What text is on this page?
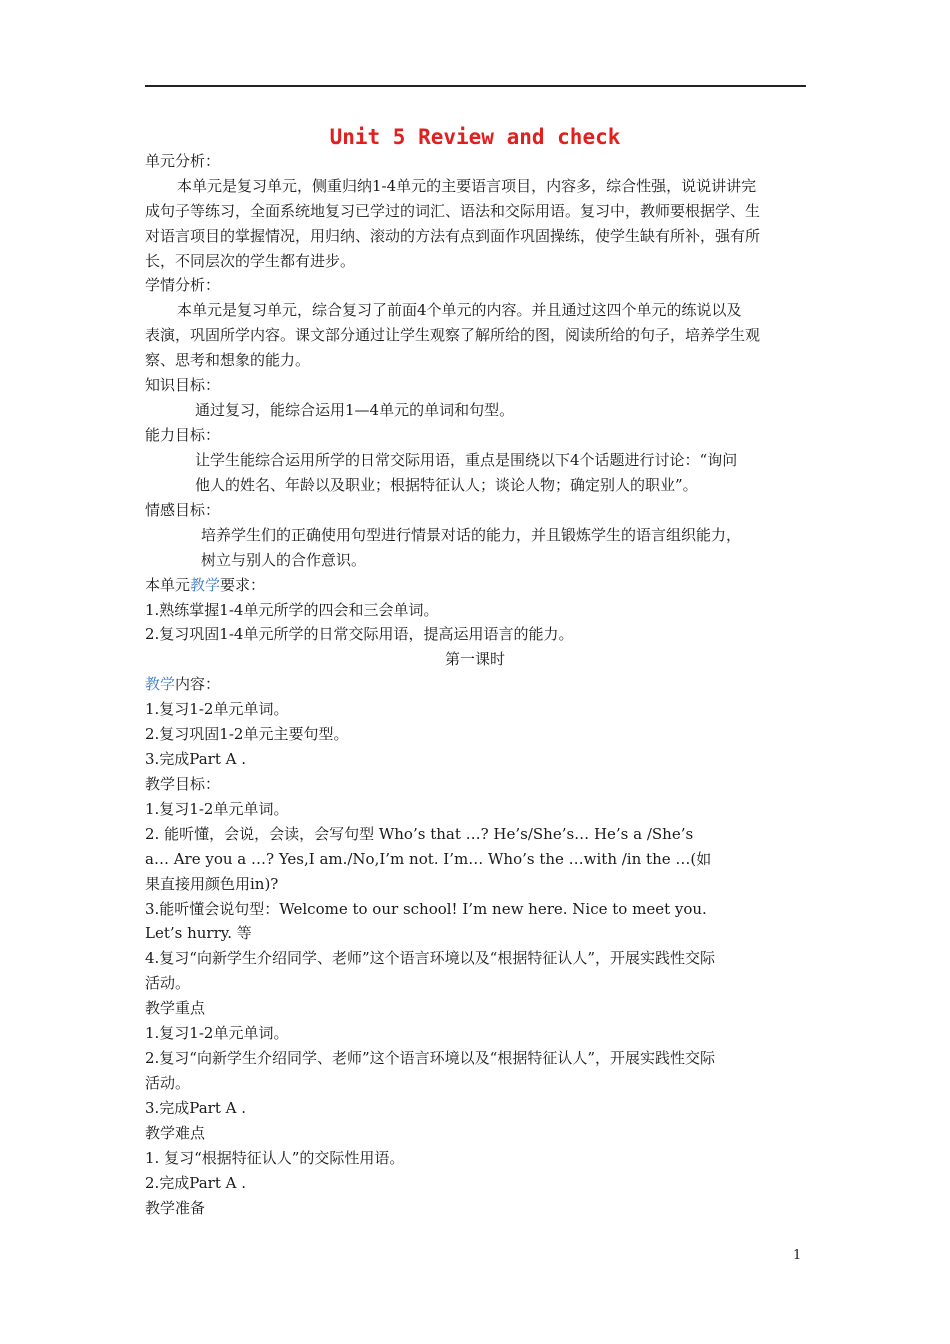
Unit 5 Review and check
单元分析：
本单元是复习单元，侧重归纳1-4单元的主要语言项目，内容多，综合性强，说说讲讲完
成句子等练习，全面系统地复习已学过的词汇、语法和交际用语。复习中，教师要根据学、生
对语言项目的掌握情况，用归纳、滚动的方法有点到面作巩固操练，使学生缺有所补，强有所
长，不同层次的学生都有进步。
学情分析：
本单元是复习单元，综合复习了前面4个单元的内容。并且通过这四个单元的练说以及
表演，巩固所学内容。课文部分通过让学生观察了解所给的图，阅读所给的句子，培养学生观
察、思考和想象的能力。
知识目标：
通过复习，能综合运用1—4单元的单词和句型。
能力目标：
让学生能综合运用所学的日常交际用语，重点是围绕以下4个话题进行讨论：“询问
他人的姓名、年龄以及职业；根据特征认人；谈论人物；确定别人的职业”。
情感目标：
培养学生们的正确使用句型进行情景对话的能力，并且锻炼学生的语言组织能力，
树立与别人的合作意识。
本单元教学要求：
1.熟练掌握1-4单元所学的四会和三会单词。
2.复习巩固1-4单元所学的日常交际用语，提高运用语言的能力。
第一课时
教学内容：
1.复习1-2单元单词。
2.复习巩固1-2单元主要句型。
3.完成Part A .
教学目标：
1.复习1-2单元单词。
2. 能听懂，会说，会读，会写句型 Who’s that …? He’s/She’s… He’s a /She’s
a… Are you a …? Yes,I am./No,I’m not. I’m… Who’s the …with /in the …(如
果直接用颜色用in)?
3.能听懂会说句型：Welcome to our school! I’m new here. Nice to meet you.
Let’s hurry. 等
4.复习“向新学生介绍同学、老师”这个语言环境以及“根据特征认人”，开展实践性交际
活动。
教学重点
1.复习1-2单元单词。
2.复习“向新学生介绍同学、老师”这个语言环境以及“根据特征认人”，开展实践性交际
活动。
3.完成Part A .
教学难点
1. 复习“根据特征认人”的交际性用语。
2.完成Part A .
教学准备
1
